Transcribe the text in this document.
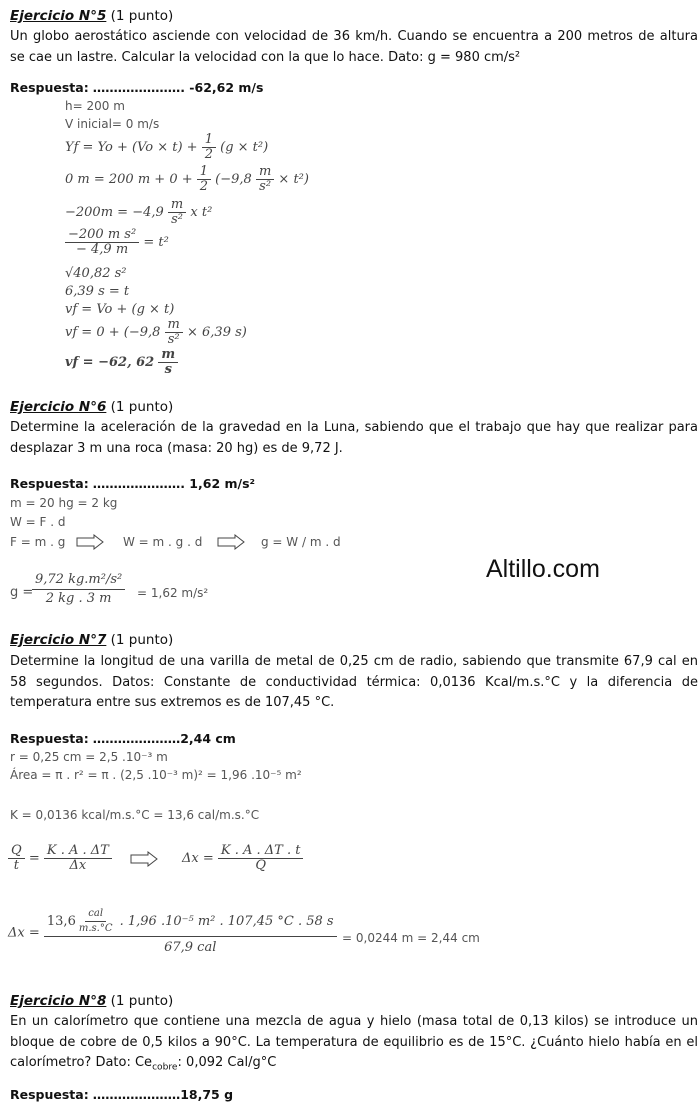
Ejercicio N°5 (1 punto)
Un globo aerostático asciende con velocidad de 36 km/h. Cuando se encuentra a 200 metros de altura se cae un lastre. Calcular la velocidad con la que lo hace. Dato: g = 980 cm/s²
Respuesta: …………………. -62,62 m/s
h= 200 m
V inicial= 0 m/s
$Yf = Yo + (Vo \times t) + \frac{1}{2} (g \times t^2)$
0 m = 200 $m + 0 + \frac{1}{2} (-9,8 \frac{m}{\text{s²}} \times t^2)$
$-200m = -4,9 \frac{m}{\text{s²}}$ x t²
$\frac{\text{−200 m s²}}{- 4,9 m} = t^2$
√40,82 s²
6,39 s = t
vf = Vo + (g × t)
vf = $0 + (-9,8 \frac{m}{\text{s²}} \times 6,39$ s)
vf = −62, $62 \frac{m}{s}$
Ejercicio N°6 (1 punto)
Determine la aceleración de la gravedad en la Luna, sabiendo que el trabajo que hay que realizar para desplazar 3 m una roca (masa: 20 hg) es de 9,72 J.
Respuesta: …………………. 1,62 m/s²
m = 20 hg = 2 kg
W = F . d
F = m . g	W = m . g . d	g = W / m . d
g =
$\frac{\text{9,72 kg.m²/s²}}{2 kg . 3 m} = 1,62$ m/s²
Altillo.com
Ejercicio N°7 (1 punto)
Determine la longitud de una varilla de metal de 0,25 cm de radio, sabiendo que transmite 67,9 cal en 58 segundos. Datos: Constante de conductividad térmica: 0,0136 Kcal/m.s.°C y la diferencia de temperatura entre sus extremos es de 107,45 °C.
Respuesta: …………………2,44 cm
r = 0,25 cm = 2,5 .10⁻³ m
Área = π . r² = π . (2,5 .10⁻³ m)² = 1,96 .10⁻⁵ m²
K = 0,0136 kcal/m.s.°C = 13,6 cal/m.s.°C
$\frac{Q}{t} = \frac{K . A . \Delta T}{\Delta x}$	$\Delta x = \frac{K . A . \Delta T . t}{Q}$
$\Delta x = \frac{13,6 \frac{\text{cal}}{m.s.^\circ C} . 1,96 .10^{-5} m^2 . 107,45 ^\circ C . 58 s}{\text{67,9 cal}} = 0,0244$ m = 2,44 cm
Ejercicio N°8 (1 punto)
En un calorímetro que contiene una mezcla de agua y hielo (masa total de 0,13 kilos) se introduce un bloque de cobre de 0,5 kilos a 90°C. La temperatura de equilibrio es de 15°C. ¿Cuánto hielo había en el calorímetro? Dato: $Ce_{cobre}$: 0,092 Cal/g°C
Respuesta: …………………18,75 g
